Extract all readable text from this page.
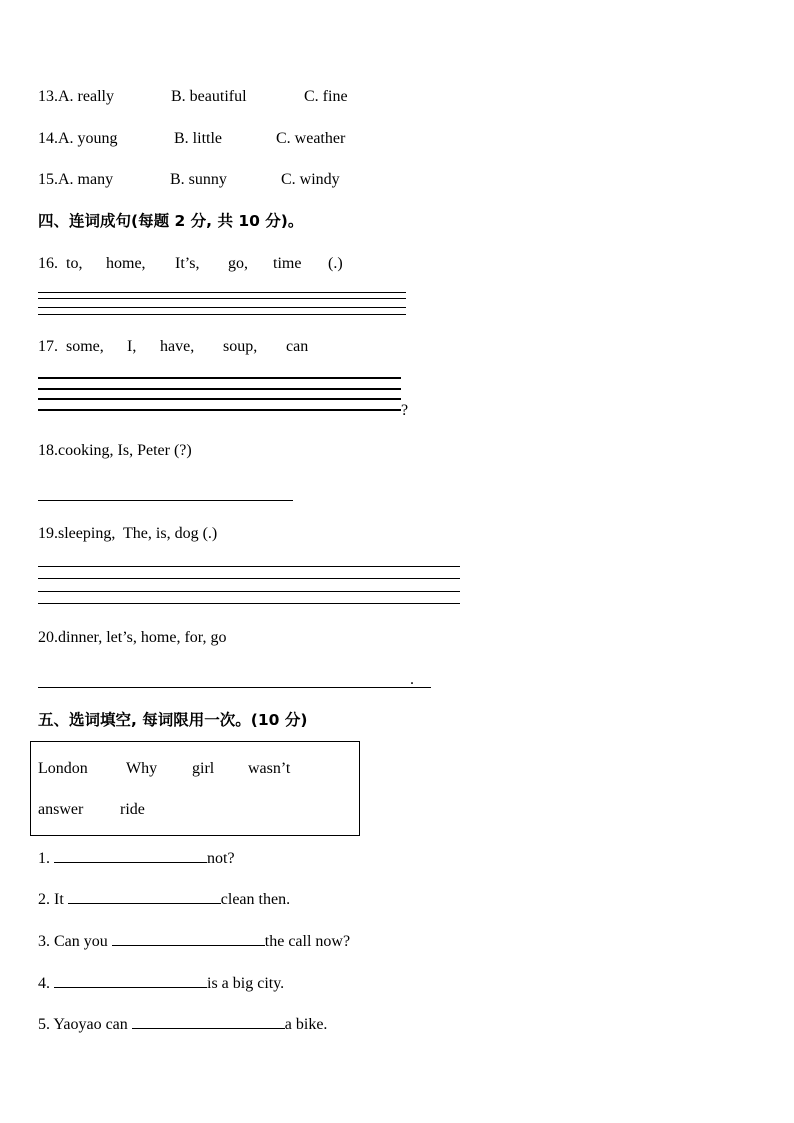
13.A. really	B. beautiful	C. fine
14.A. young	B. little	C. weather
15.A. many	B. sunny	C. windy
四、连词成句(每题 2 分, 共 10 分)。
16. to, home, It’s, go, time (.)
17. some, I, have, soup, can
?
18.cooking, Is, Peter (?)
19.sleeping,  The, is, dog (.)
20.dinner, let’s, home, for, go
.
五、选词填空, 每词限用一次。(10 分)
London Why girl wasn’t
answer ride
1.	not?
2. It	clean then.
3. Can you	the call now?
4.	is a big city.
5. Yaoyao can	a bike.
